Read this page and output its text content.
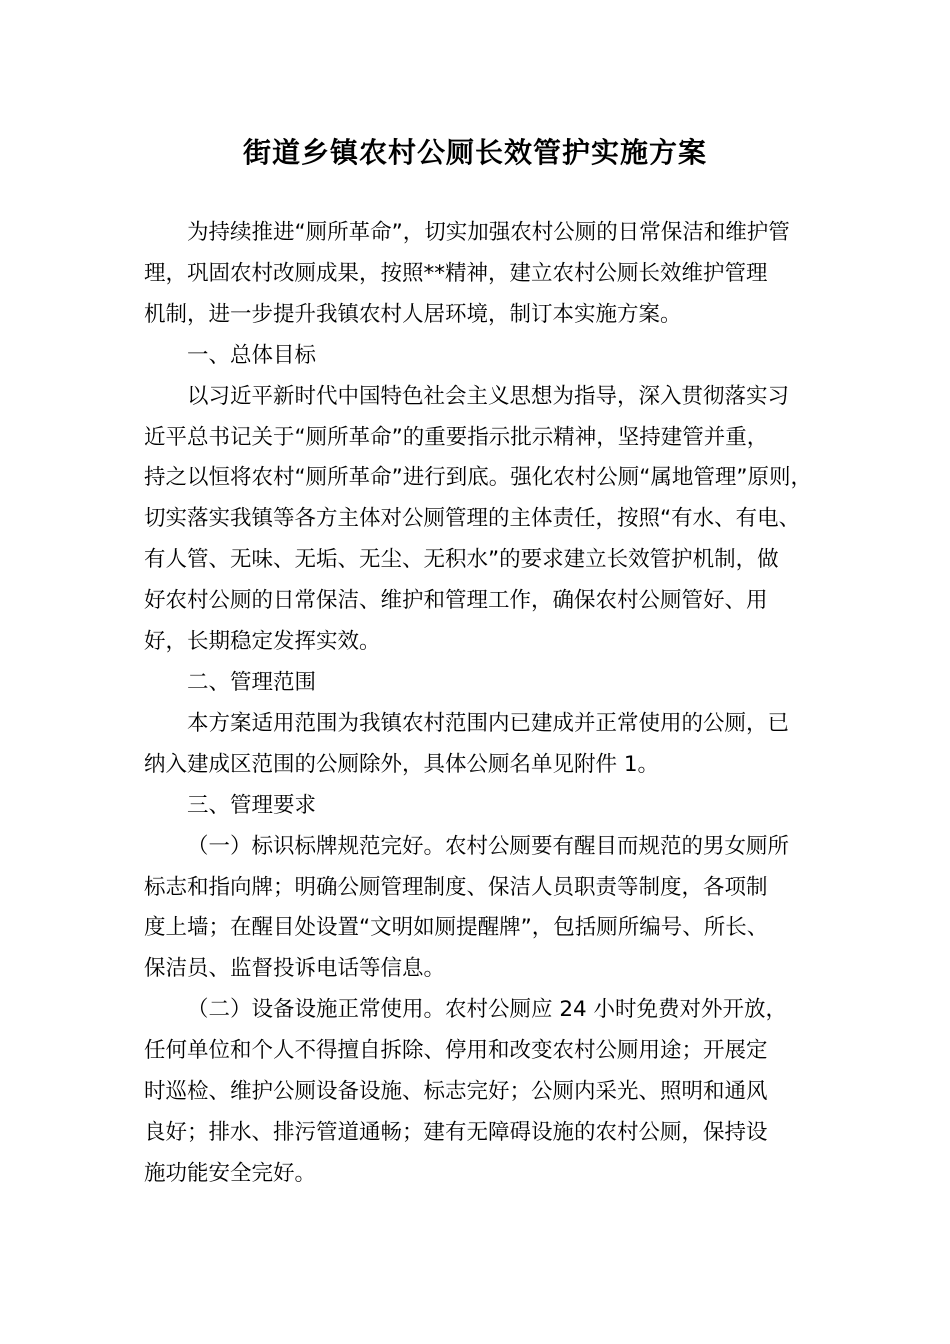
街道乡镇农村公厕长效管护实施方案

为持续推进“厕所革命”，切实加强农村公厕的日常保洁和维护管
理，巩固农村改厕成果，按照**精神，建立农村公厕长效维护管理
机制，进一步提升我镇农村人居环境，制订本实施方案。

一、总体目标

以习近平新时代中国特色社会主义思想为指导，深入贯彻落实习
近平总书记关于“厕所革命”的重要指示批示精神，坚持建管并重，
持之以恒将农村“厕所革命”进行到底。强化农村公厕“属地管理”原则，
切实落实我镇等各方主体对公厕管理的主体责任，按照“有水、有电、
有人管、无味、无垢、无尘、无积水”的要求建立长效管护机制，做
好农村公厕的日常保洁、维护和管理工作，确保农村公厕管好、用
好，长期稳定发挥实效。

二、管理范围

本方案适用范围为我镇农村范围内已建成并正常使用的公厕，已
纳入建成区范围的公厕除外，具体公厕名单见附件 1。

三、管理要求

（一）标识标牌规范完好。农村公厕要有醒目而规范的男女厕所
标志和指向牌；明确公厕管理制度、保洁人员职责等制度，各项制
度上墙；在醒目处设置“文明如厕提醒牌”，包括厕所编号、所长、
保洁员、监督投诉电话等信息。

（二）设备设施正常使用。农村公厕应 24 小时免费对外开放，
任何单位和个人不得擅自拆除、停用和改变农村公厕用途；开展定
时巡检、维护公厕设备设施、标志完好；公厕内采光、照明和通风
良好；排水、排污管道通畅；建有无障碍设施的农村公厕，保持设
施功能安全完好。
